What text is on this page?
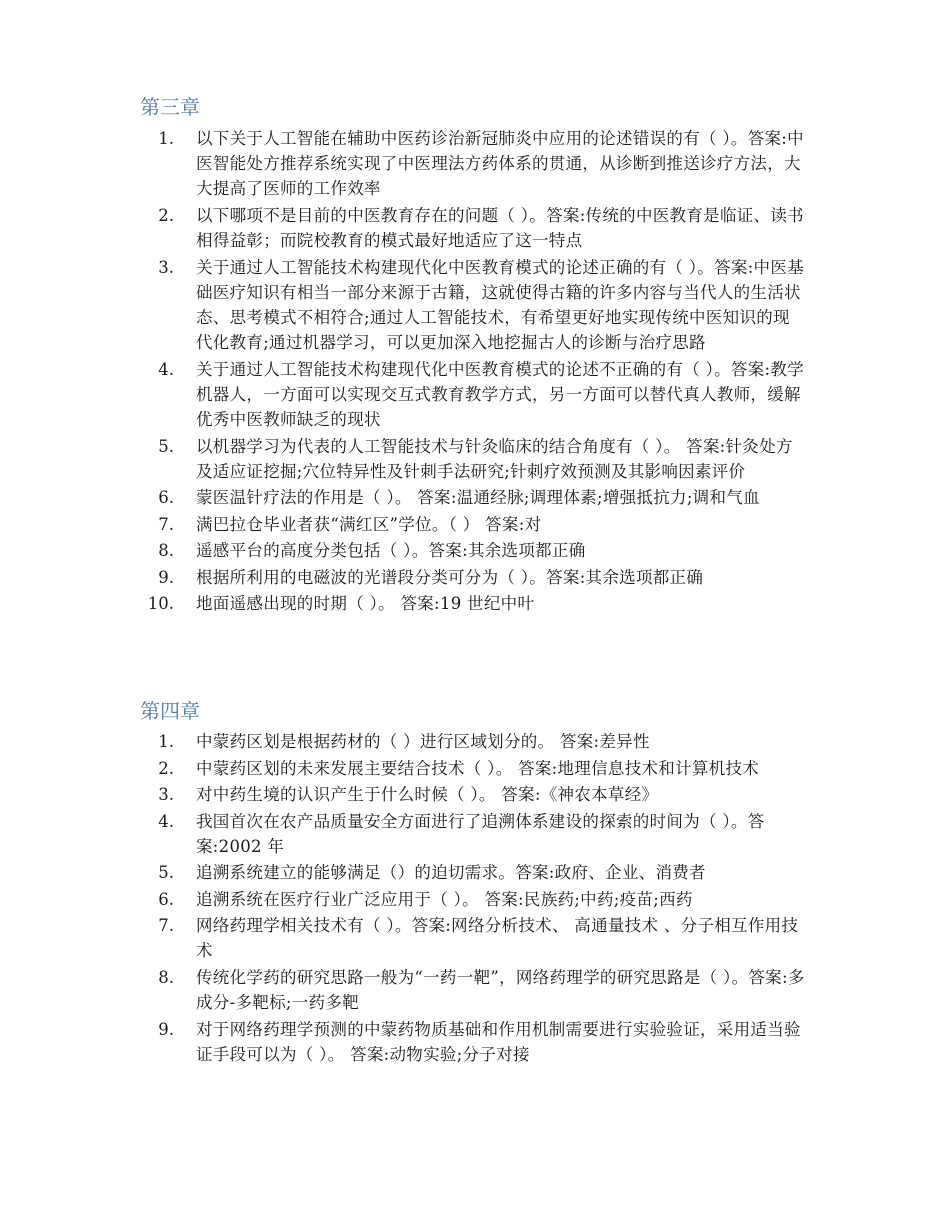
第三章
1. 以下关于人工智能在辅助中医药诊治新冠肺炎中应用的论述错误的有（ ）。答案:中医智能处方推荐系统实现了中医理法方药体系的贯通，从诊断到推送诊疗方法，大大提高了医师的工作效率
2. 以下哪项不是目前的中医教育存在的问题（ ）。答案:传统的中医教育是临证、读书相得益彰；而院校教育的模式最好地适应了这一特点
3. 关于通过人工智能技术构建现代化中医教育模式的论述正确的有（ ）。答案:中医基础医疗知识有相当一部分来源于古籍，这就使得古籍的许多内容与当代人的生活状态、思考模式不相符合;通过人工智能技术，有希望更好地实现传统中医知识的现代化教育;通过机器学习，可以更加深入地挖掘古人的诊断与治疗思路
4. 关于通过人工智能技术构建现代化中医教育模式的论述不正确的有（ ）。答案:教学机器人，一方面可以实现交互式教育教学方式，另一方面可以替代真人教师，缓解优秀中医教师缺乏的现状
5. 以机器学习为代表的人工智能技术与针灸临床的结合角度有（ ）。 答案:针灸处方及适应证挖掘;穴位特异性及针刺手法研究;针刺疗效预测及其影响因素评价
6. 蒙医温针疗法的作用是（ ）。 答案:温通经脉;调理体素;增强抵抗力;调和气血
7. 满巴拉仓毕业者获“满红区”学位。（ ） 答案:对
8. 遥感平台的高度分类包括（ ）。答案:其余选项都正确
9. 根据所利用的电磁波的光谱段分类可分为（ ）。答案:其余选项都正确
10. 地面遥感出现的时期（ ）。 答案:19 世纪中叶
第四章
1. 中蒙药区划是根据药材的（ ）进行区域划分的。 答案:差异性
2. 中蒙药区划的未来发展主要结合技术（ ）。 答案:地理信息技术和计算机技术
3. 对中药生境的认识产生于什么时候（ ）。 答案:《神农本草经》
4. 我国首次在农产品质量安全方面进行了追溯体系建设的探索的时间为（ ）。答案:2002 年
5. 追溯系统建立的能够满足（）的迫切需求。答案:政府、企业、消费者
6. 追溯系统在医疗行业广泛应用于（ ）。 答案:民族药;中药;疫苗;西药
7. 网络药理学相关技术有（ ）。答案:网络分析技术、 高通量技术 、分子相互作用技术
8. 传统化学药的研究思路一般为“一药一靶”，网络药理学的研究思路是（ ）。答案:多成分-多靶标;一药多靶
9. 对于网络药理学预测的中蒙药物质基础和作用机制需要进行实验验证，采用适当验证手段可以为（ ）。 答案:动物实验;分子对接
